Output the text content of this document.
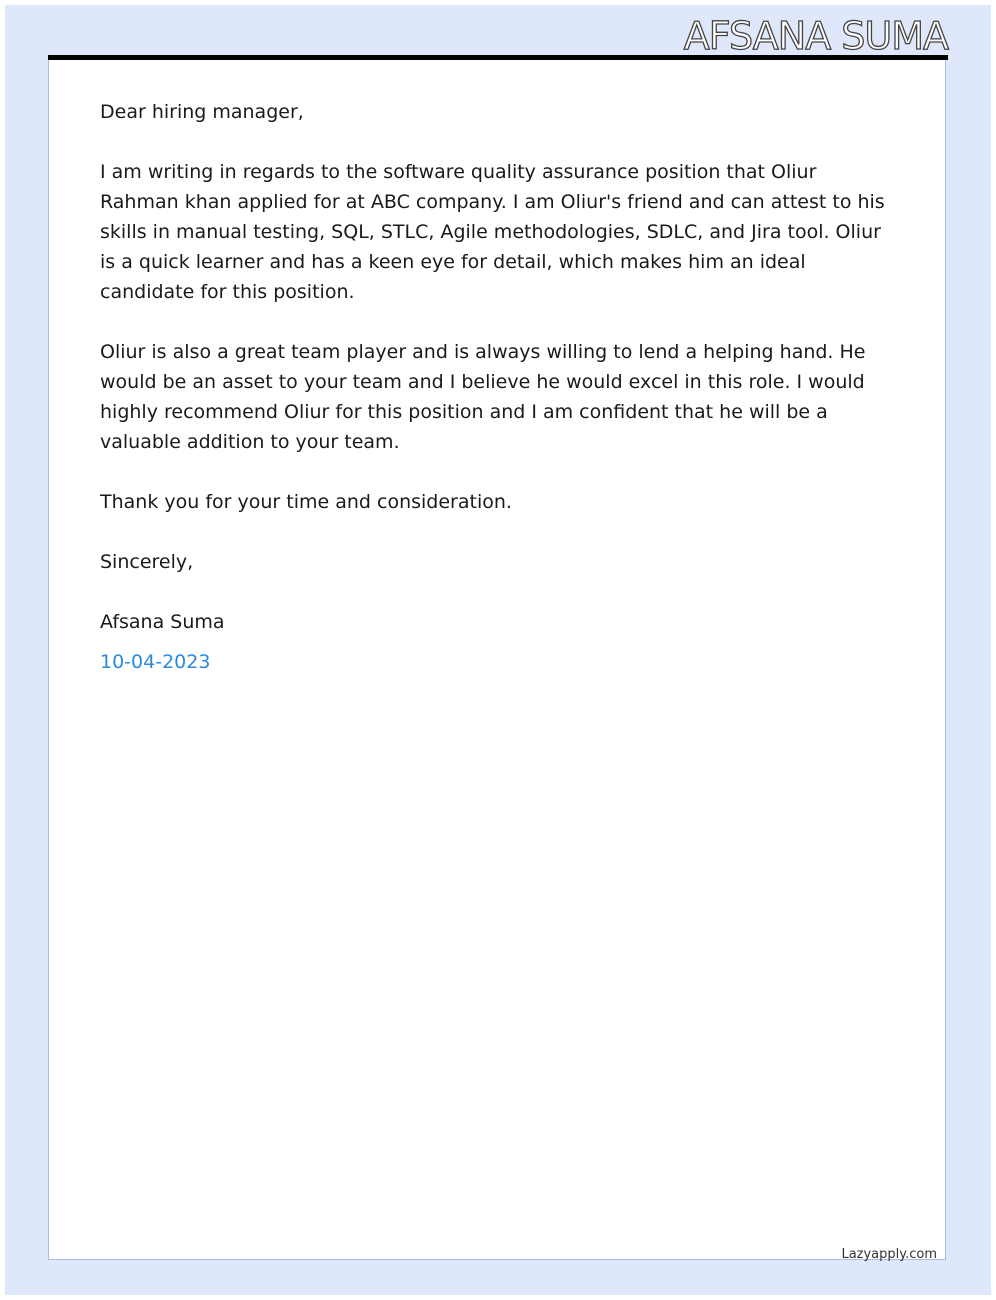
AFSANA SUMA

Dear hiring manager,

I am writing in regards to the software quality assurance position that Oliur Rahman khan applied for at ABC company. I am Oliur's friend and can attest to his skills in manual testing, SQL, STLC, Agile methodologies, SDLC, and Jira tool. Oliur is a quick learner and has a keen eye for detail, which makes him an ideal candidate for this position.

Oliur is also a great team player and is always willing to lend a helping hand. He would be an asset to your team and I believe he would excel in this role. I would highly recommend Oliur for this position and I am confident that he will be a valuable addition to your team.

Thank you for your time and consideration.

Sincerely,

Afsana Suma

10-04-2023

Lazyapply.com
